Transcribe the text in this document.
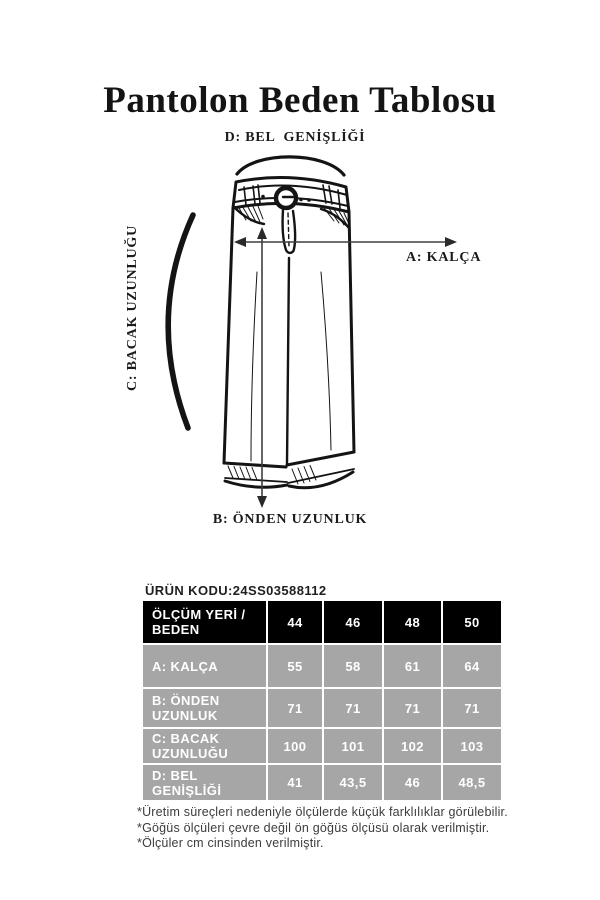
Pantolon Beden Tablosu
D: BEL  GENİŞLİĞİ
A: KALÇA
C: BACAK UZUNLUĞU
B: ÖNDEN UZUNLUK
ÜRÜN KODU:24SS03588112
ÖLÇÜM YERİ / BEDEN	44	46	48	50
A: KALÇA	55	58	61	64
B: ÖNDEN UZUNLUK	71	71	71	71
C: BACAK UZUNLUĞU	100	101	102	103
D: BEL GENİŞLİĞİ	41	43,5	46	48,5
*Üretim süreçleri nedeniyle ölçülerde küçük farklılıklar görülebilir.
*Göğüs ölçüleri çevre değil ön göğüs ölçüsü olarak verilmiştir.
*Ölçüler cm cinsinden verilmiştir.
